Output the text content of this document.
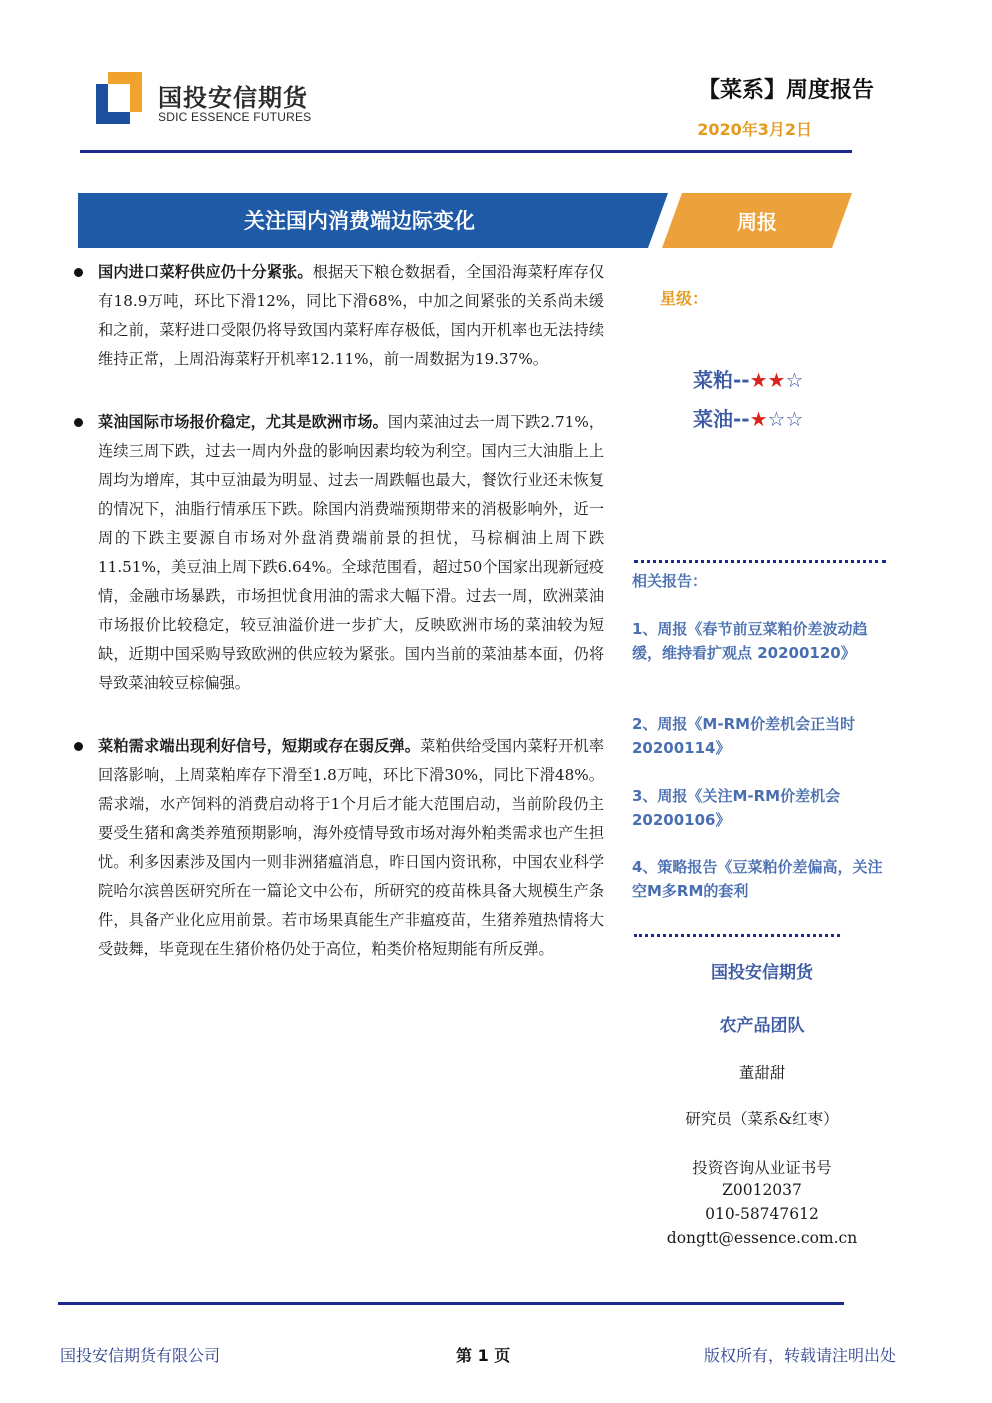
国投安信期货
SDIC ESSENCE FUTURES
【菜系】周度报告
2020年3月2日
关注国内消费端边际变化	周报
国内进口菜籽供应仍十分紧张。根据天下粮仓数据看，全国沿海菜籽库存仅有18.9万吨，环比下滑12%，同比下滑68%，中加之间紧张的关系尚未缓和之前，菜籽进口受限仍将导致国内菜籽库存极低，国内开机率也无法持续维持正常，上周沿海菜籽开机率12.11%，前一周数据为19.37%。
菜油国际市场报价稳定，尤其是欧洲市场。国内菜油过去一周下跌2.71%，连续三周下跌，过去一周内外盘的影响因素均较为利空。国内三大油脂上上周均为增库，其中豆油最为明显、过去一周跌幅也最大，餐饮行业还未恢复的情况下，油脂行情承压下跌。除国内消费端预期带来的消极影响外，近一周的下跌主要源自市场对外盘消费端前景的担忧，马棕榈油上周下跌11.51%，美豆油上周下跌6.64%。全球范围看，超过50个国家出现新冠疫情，金融市场暴跌，市场担忧食用油的需求大幅下滑。过去一周，欧洲菜油市场报价比较稳定，较豆油溢价进一步扩大，反映欧洲市场的菜油较为短缺，近期中国采购导致欧洲的供应较为紧张。国内当前的菜油基本面，仍将导致菜油较豆棕偏强。
菜粕需求端出现利好信号，短期或存在弱反弹。菜粕供给受国内菜籽开机率回落影响，上周菜粕库存下滑至1.8万吨，环比下滑30%，同比下滑48%。需求端，水产饲料的消费启动将于1个月后才能大范围启动，当前阶段仍主要受生猪和禽类养殖预期影响，海外疫情导致市场对海外粕类需求也产生担忧。利多因素涉及国内一则非洲猪瘟消息，昨日国内资讯称，中国农业科学院哈尔滨兽医研究所在一篇论文中公布，所研究的疫苗株具备大规模生产条件，具备产业化应用前景。若市场果真能生产非瘟疫苗，生猪养殖热情将大受鼓舞，毕竟现在生猪价格仍处于高位，粕类价格短期能有所反弹。
星级：
菜粕--★★☆
菜油--★☆☆
相关报告：
1、周报《春节前豆菜粕价差波动趋缓，维持看扩观点 20200120》
2、周报《M-RM价差机会正当时 20200114》
3、周报《关注M-RM价差机会 20200106》
4、策略报告《豆菜粕价差偏高，关注空M多RM的套利
国投安信期货
农产品团队
董甜甜
研究员（菜系&红枣）
投资咨询从业证书号
Z0012037
010-58747612
dongtt@essence.com.cn
国投安信期货有限公司	第 1 页	版权所有，转载请注明出处
